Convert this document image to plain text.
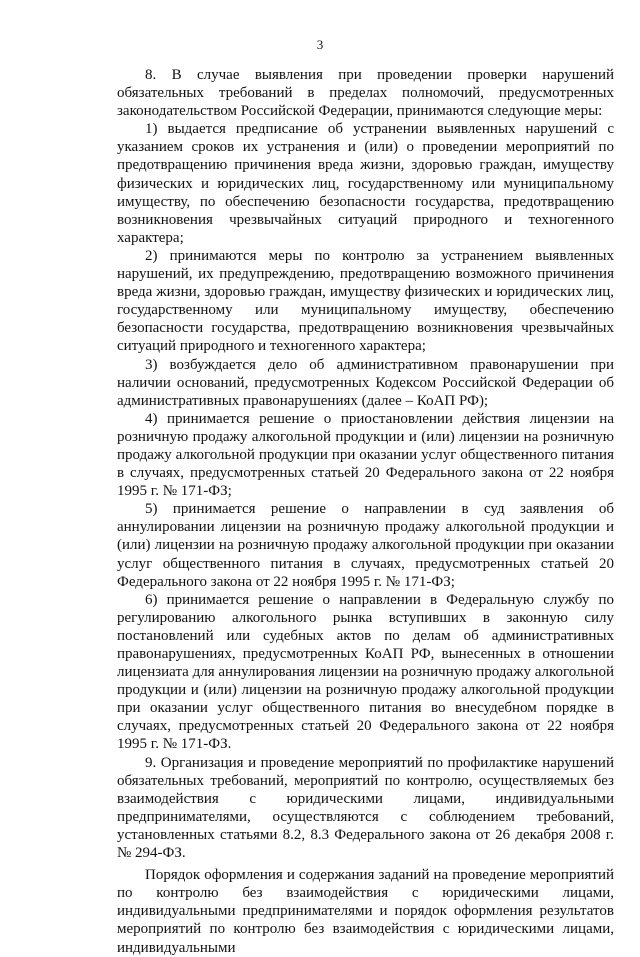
3

8. В случае выявления при проведении проверки нарушений обязательных требований в пределах полномочий, предусмотренных законодательством Российской Федерации, принимаются следующие меры:

1) выдается предписание об устранении выявленных нарушений с указанием сроков их устранения и (или) о проведении мероприятий по предотвращению причинения вреда жизни, здоровью граждан, имуществу физических и юридических лиц, государственному или муниципальному имуществу, по обеспечению безопасности государства, предотвращению возникновения чрезвычайных ситуаций природного и техногенного характера;

2) принимаются меры по контролю за устранением выявленных нарушений, их предупреждению, предотвращению возможного причинения вреда жизни, здоровью граждан, имуществу физических и юридических лиц, государственному или муниципальному имуществу, обеспечению безопасности государства, предотвращению возникновения чрезвычайных ситуаций природного и техногенного характера;

3) возбуждается дело об административном правонарушении при наличии оснований, предусмотренных Кодексом Российской Федерации об административных правонарушениях (далее – КоАП РФ);

4) принимается решение о приостановлении действия лицензии на розничную продажу алкогольной продукции и (или) лицензии на розничную продажу алкогольной продукции при оказании услуг общественного питания в случаях, предусмотренных статьей 20 Федерального закона от 22 ноября 1995 г. № 171-ФЗ;

5) принимается решение о направлении в суд заявления об аннулировании лицензии на розничную продажу алкогольной продукции и (или) лицензии на розничную продажу алкогольной продукции при оказании услуг общественного питания в случаях, предусмотренных статьей 20 Федерального закона от 22 ноября 1995 г. № 171-ФЗ;

6) принимается решение о направлении в Федеральную службу по регулированию алкогольного рынка вступивших в законную силу постановлений или судебных актов по делам об административных правонарушениях, предусмотренных КоАП РФ, вынесенных в отношении лицензиата для аннулирования лицензии на розничную продажу алкогольной продукции и (или) лицензии на розничную продажу алкогольной продукции при оказании услуг общественного питания во внесудебном порядке в случаях, предусмотренных статьей 20 Федерального закона от 22 ноября 1995 г. № 171-ФЗ.

9. Организация и проведение мероприятий по профилактике нарушений обязательных требований, мероприятий по контролю, осуществляемых без взаимодействия с юридическими лицами, индивидуальными предпринимателями, осуществляются с соблюдением требований, установленных статьями 8.2, 8.3 Федерального закона от 26 декабря 2008 г. № 294-ФЗ.

Порядок оформления и содержания заданий на проведение мероприятий по контролю без взаимодействия с юридическими лицами, индивидуальными предпринимателями и порядок оформления результатов мероприятий по контролю без взаимодействия с юридическими лицами, индивидуальными
